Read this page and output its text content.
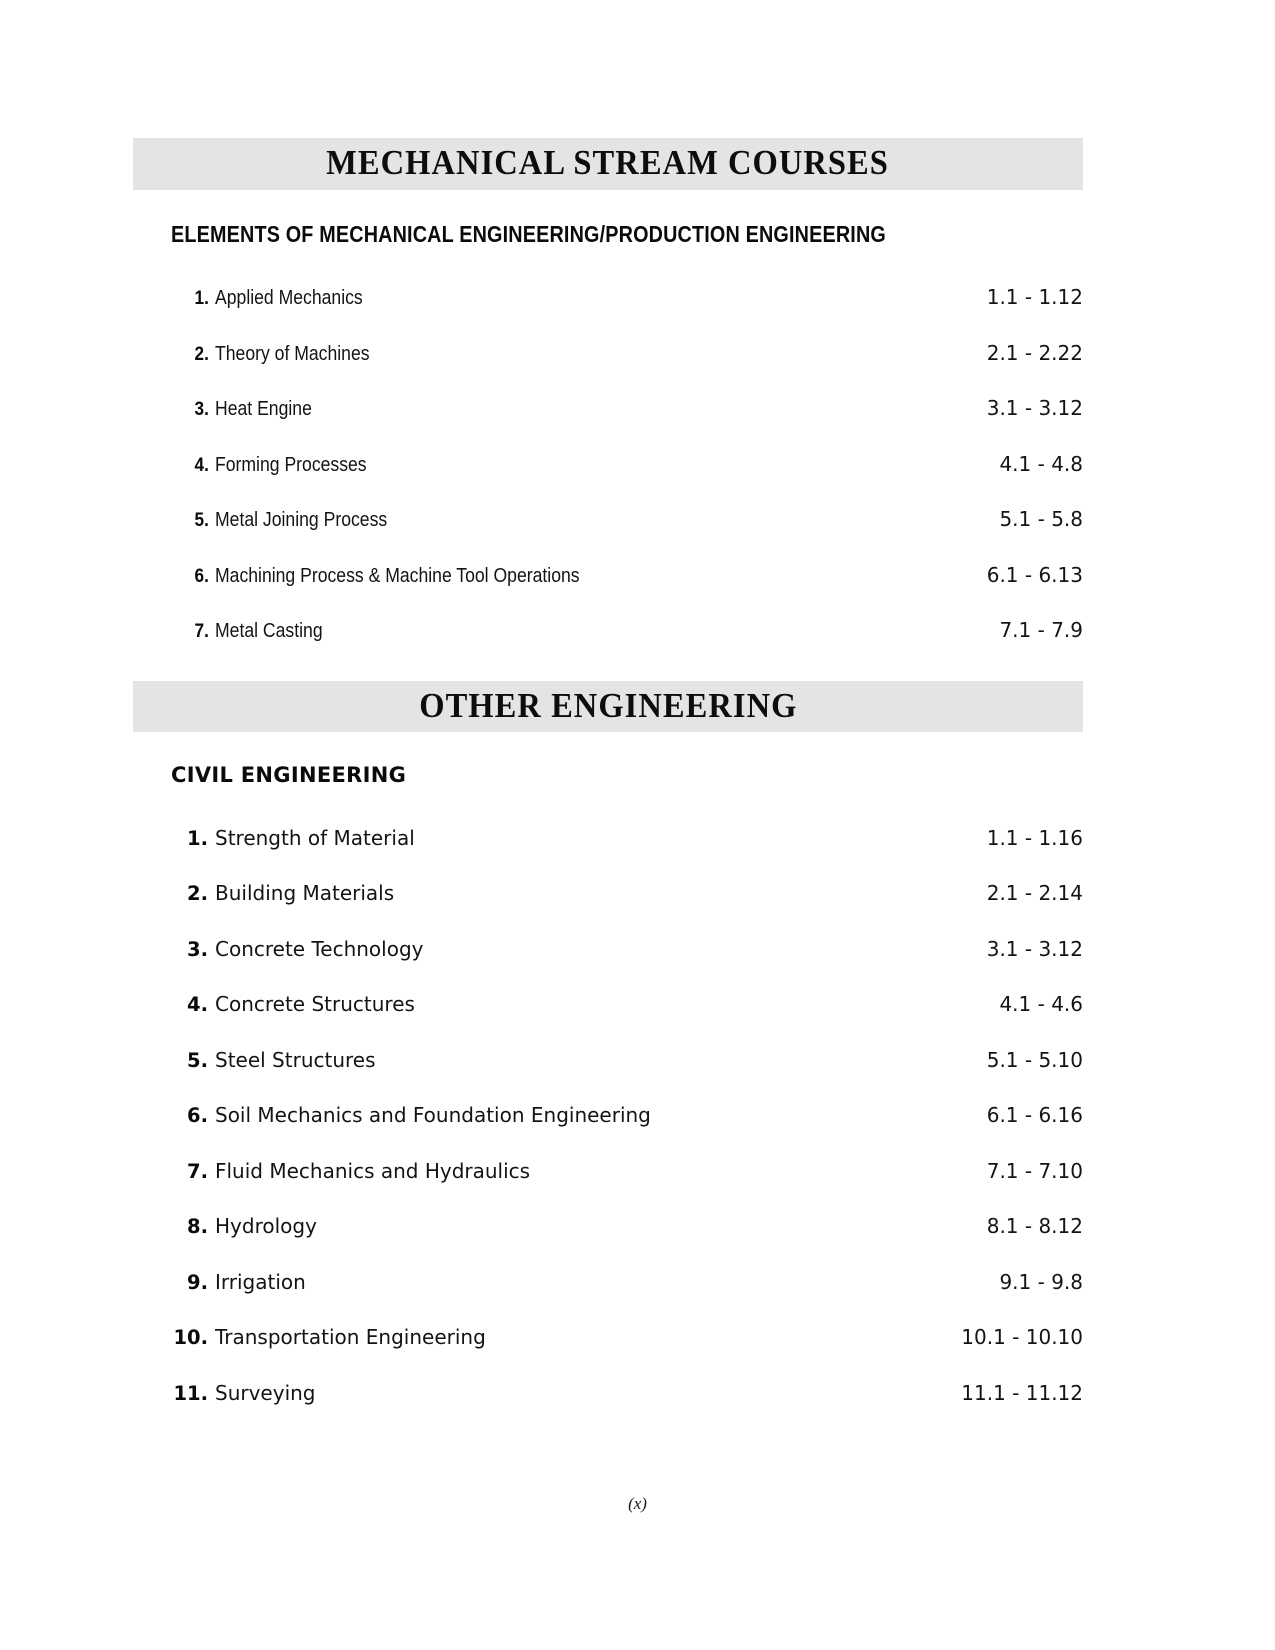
MECHANICAL STREAM COURSES
ELEMENTS OF MECHANICAL ENGINEERING/PRODUCTION ENGINEERING
1. Applied Mechanics	1.1 - 1.12
2. Theory of Machines	2.1 - 2.22
3. Heat Engine	3.1 - 3.12
4. Forming Processes	4.1 - 4.8
5. Metal Joining Process	5.1 - 5.8
6. Machining Process & Machine Tool Operations	6.1 - 6.13
7. Metal Casting	7.1 - 7.9
OTHER ENGINEERING
CIVIL ENGINEERING
1. Strength of Material	1.1 - 1.16
2. Building Materials	2.1 - 2.14
3. Concrete Technology	3.1 - 3.12
4. Concrete Structures	4.1 - 4.6
5. Steel Structures	5.1 - 5.10
6. Soil Mechanics and Foundation Engineering	6.1 - 6.16
7. Fluid Mechanics and Hydraulics	7.1 - 7.10
8. Hydrology	8.1 - 8.12
9. Irrigation	9.1 - 9.8
10. Transportation Engineering	10.1 - 10.10
11. Surveying	11.1 - 11.12
(x)
